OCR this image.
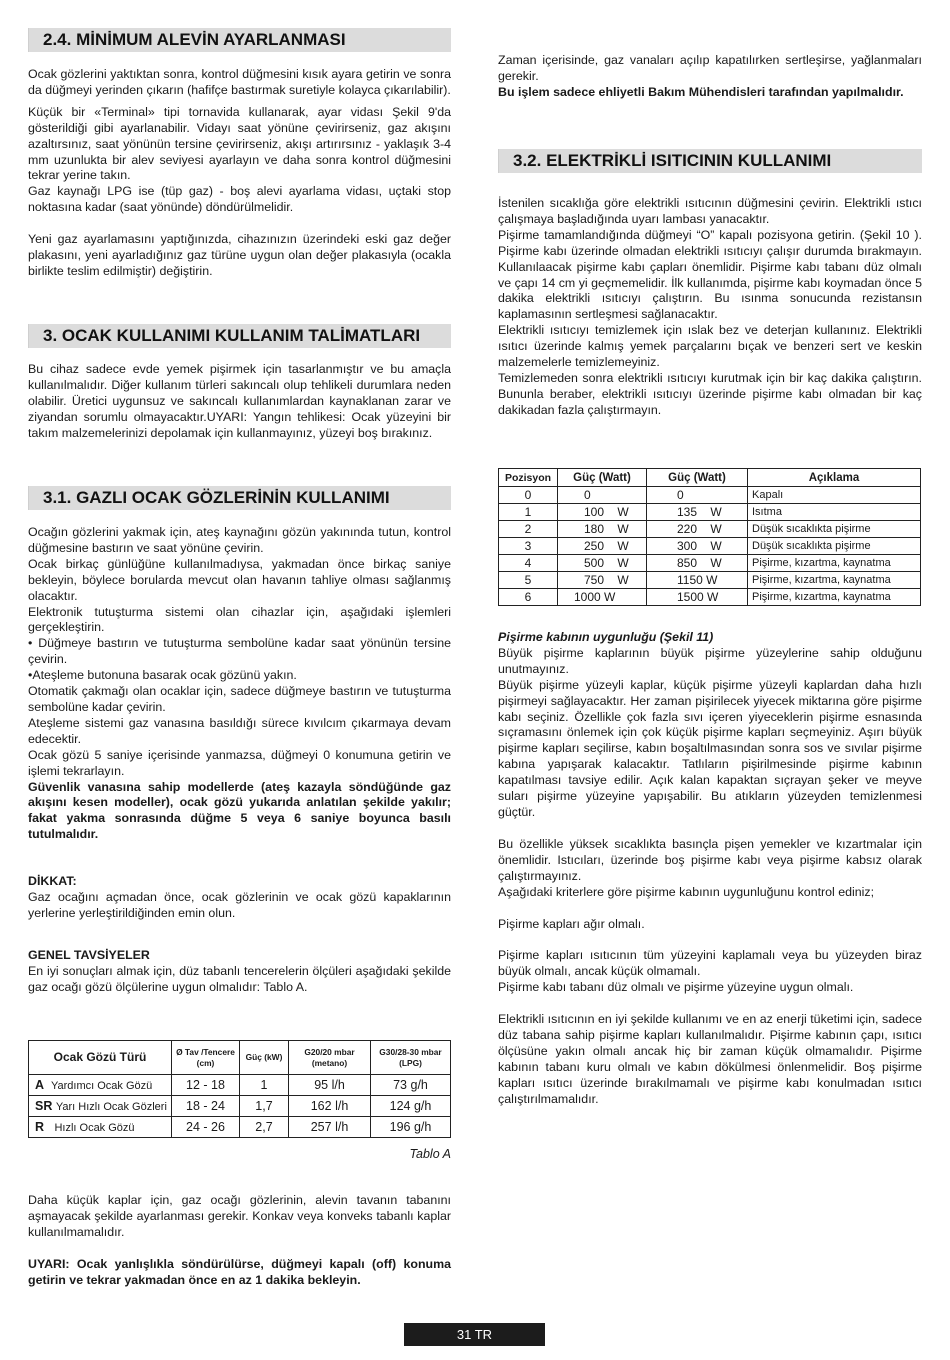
2.4. MİNİMUM ALEVİN AYARLANMASI

Ocak gözlerini yaktıktan sonra, kontrol düğmesini kısık ayara getirin ve sonra da düğmeyi yerinden çıkarın (hafifçe bastırmak suretiyle kolayca çıkarılabilir).

Küçük bir «Terminal» tipi tornavida kullanarak, ayar vidası Şekil 9'da gösterildiği gibi ayarlanabilir. Vidayı saat yönüne çevirirseniz, gaz akışını azaltırsınız, saat yönünün tersine çevirirseniz, akışı artırırsınız - yaklaşık 3-4 mm uzunlukta bir alev seviyesi ayarlayın ve daha sonra kontrol düğmesini tekrar yerine takın.

Gaz kaynağı LPG ise (tüp gaz) - boş alevi ayarlama vidası, uçtaki stop noktasına kadar (saat yönünde) döndürülmelidir.

Yeni gaz ayarlamasını yaptığınızda, cihazınızın üzerindeki eski gaz değer plakasını, yeni ayarladığınız gaz türüne uygun olan değer plakasıyla (ocakla birlikte teslim edilmiştir) değiştirin.

3. OCAK KULLANIMI KULLANIM TALİMATLARI

Bu cihaz sadece evde yemek pişirmek için tasarlanmıştır ve bu amaçla kullanılmalıdır. Diğer kullanım türleri sakıncalı olup tehlikeli durumlara neden olabilir. Üretici uygunsuz ve sakıncalı kullanımlardan kaynaklanan zarar ve ziyandan sorumlu olmayacaktır.UYARI: Yangın tehlikesi: Ocak yüzeyini bir takım malzemelerinizi depolamak için kullanmayınız, yüzeyi boş bırakınız.

3.1. GAZLI OCAK GÖZLERİNİN KULLANIMI

Ocağın gözlerini yakmak için, ateş kaynağını gözün yakınında tutun, kontrol düğmesine bastırın ve saat yönüne çevirin.

Ocak birkaç günlüğüne kullanılmadıysa, yakmadan önce birkaç saniye bekleyin, böylece borularda mevcut olan havanın tahliye olması sağlanmış olacaktır.

Elektronik tutuşturma sistemi olan cihazlar için, aşağıdaki işlemleri gerçekleştirin.

• Düğmeye bastırın ve tutuşturma sembolüne kadar saat yönünün tersine çevirin.

•Ateşleme butonuna basarak ocak gözünü yakın.

Otomatik çakmağı olan ocaklar için, sadece düğmeye bastırın ve tutuşturma sembolüne kadar çevirin.

Ateşleme sistemi gaz vanasına basıldığı sürece kıvılcım çıkarmaya devam edecektir.

Ocak gözü 5 saniye içerisinde yanmazsa, düğmeyi 0 konumuna getirin ve işlemi tekrarlayın.

Güvenlik vanasına sahip modellerde (ateş kazayla söndüğünde gaz akışını kesen modeller), ocak gözü yukarıda anlatılan şekilde yakılır; fakat yakma sonrasında düğme 5 veya 6 saniye boyunca basılı tutulmalıdır.

DİKKAT:

Gaz ocağını açmadan önce, ocak gözlerinin ve ocak gözü kapaklarının yerlerine yerleştirildiğinden emin olun.

GENEL TAVSİYELER

En iyi sonuçları almak için, düz tabanlı tencerelerin ölçüleri aşağıdaki şekilde gaz ocağı gözü ölçülerine uygun olmalıdır: Tablo A.

Ocak Gözü Türü	Ø Tav /Tencere (cm)	Güç (kW)	G20/20 mbar (metano)	G30/28-30 mbar (LPG)
A Yardımcı Ocak Gözü	12 - 18	1	95 l/h	73 g/h
SR Yarı Hızlı Ocak Gözleri	18 - 24	1,7	162 l/h	124 g/h
R Hızlı Ocak Gözü	24 - 26	2,7	257 l/h	196 g/h
Tablo A

Daha küçük kaplar için, gaz ocağı gözlerinin, alevin tavanın tabanını aşmayacak şekilde ayarlanması gerekir. Konkav veya konveks tabanlı kaplar kullanılmamalıdır.

UYARI: Ocak yanlışlıkla söndürülürse, düğmeyi kapalı (off) konuma getirin ve tekrar yakmadan önce en az 1 dakika bekleyin.

Zaman içerisinde, gaz vanaları açılıp kapatılırken sertleşirse, yağlanmaları gerekir.

Bu işlem sadece ehliyetli Bakım Mühendisleri tarafından yapılmalıdır.

3.2. ELEKTRİKLİ ISITICININ KULLANIMI

İstenilen sıcaklığa göre elektrikli ısıtıcının düğmesini çevirin. Elektrikli ıstıcı çalışmaya başladığında uyarı lambası yanacaktır.

Pişirme tamamlandığında düğmeyi “O” kapalı pozisyona getirin. (Şekil 10 ). Pişirme kabı üzerinde olmadan elektrikli ısıtıcıyı çalışır durumda bırakmayın. Kullanılaacak pişirme kabı çapları önemlidir. Pişirme kabı tabanı düz olmalı ve çapı 14 cm yi geçmemelidir. İlk kullanımda, pişirme kabı koymadan önce 5 dakika elektrikli ısıtıcıyı çalıştırın. Bu ısınma sonucunda rezistansın kaplamasının sertleşmesi sağlanacaktır.

Elektrikli ısıtıcıyı temizlemek için ıslak bez ve deterjan kullanınız. Elektrikli ısıtıcı üzerinde kalmış yemek parçalarını bıçak ve benzeri sert ve keskin malzemelerle temizlemeyiniz.

Temizlemeden sonra elektrikli ısıtıcıyı kurutmak için bir kaç dakika çalıştırın. Bununla beraber, elektrikli ısıtıcıyı üzerinde pişirme kabı olmadan bir kaç dakikadan fazla çalıştırmayın.

Pozisyon	Güç (Watt)	Güç (Watt)	Açıklama
0	0	0	Kapalı
1	100    W	135    W	Isıtma
2	180    W	220    W	Düşük sıcaklıkta pişirme
3	250    W	300    W	Düşük sıcaklıkta pişirme
4	500    W	850    W	Pişirme, kızartma, kaynatma
5	750    W	1150 W	Pişirme, kızartma, kaynatma
6	1000 W	1500 W	Pişirme, kızartma, kaynatma

Pişirme kabının uygunluğu (Şekil 11)

Büyük pişirme kaplarının büyük pişirme yüzeylerine sahip olduğunu unutmayınız.

Büyük pişirme yüzeyli kaplar, küçük pişirme yüzeyli kaplardan daha hızlı pişirmeyi sağlayacaktır. Her zaman pişirilecek yiyecek miktarına göre pişirme kabı seçiniz. Özellikle çok fazla sıvı içeren yiyeceklerin pişirme esnasında sıçramasını önlemek için çok küçük pişirme kapları seçmeyiniz. Aşırı büyük pişirme kapları seçilirse, kabın boşaltılmasından sonra sos ve sıvılar pişirme kabına yapışarak kalacaktır. Tatlıların pişirilmesinde pişirme kabının kapatılması tavsiye edilir. Açık kalan kapaktan sıçrayan şeker ve meyve suları pişirme yüzeyine yapışabilir. Bu atıkların yüzeyden temizlenmesi güçtür.

Bu özellikle yüksek sıcaklıkta basınçla pişen yemekler ve kızartmalar için önemlidir. Istıcıları, üzerinde boş pişirme kabı veya pişirme kabsız olarak çalıştırmayınız.

Aşağıdaki kriterlere göre pişirme kabının uygunluğunu kontrol ediniz;

Pişirme kapları ağır olmalı.

Pişirme kapları ısıtıcının tüm yüzeyini kaplamalı veya bu yüzeyden biraz büyük olmalı, ancak küçük olmamalı.

Pişirme kabı tabanı düz olmalı ve pişirme yüzeyine uygun olmalı.

Elektrikli ısıtıcının en iyi şekilde kullanımı ve en az enerji tüketimi için, sadece düz tabana sahip pişirme kapları kullanılmalıdır. Pişirme kabının çapı, ısıtıcı ölçüsüne yakın olmalı ancak hiç bir zaman küçük olmamalıdır. Pişirme kabının tabanı kuru olmalı ve kabın dökülmesi önlenmelidir. Boş pişirme kapları ısıtıcı üzerinde bırakılmamalı ve pişirme kabı konulmadan ısıtıcı çalıştırılmamalıdır.

31 TR
